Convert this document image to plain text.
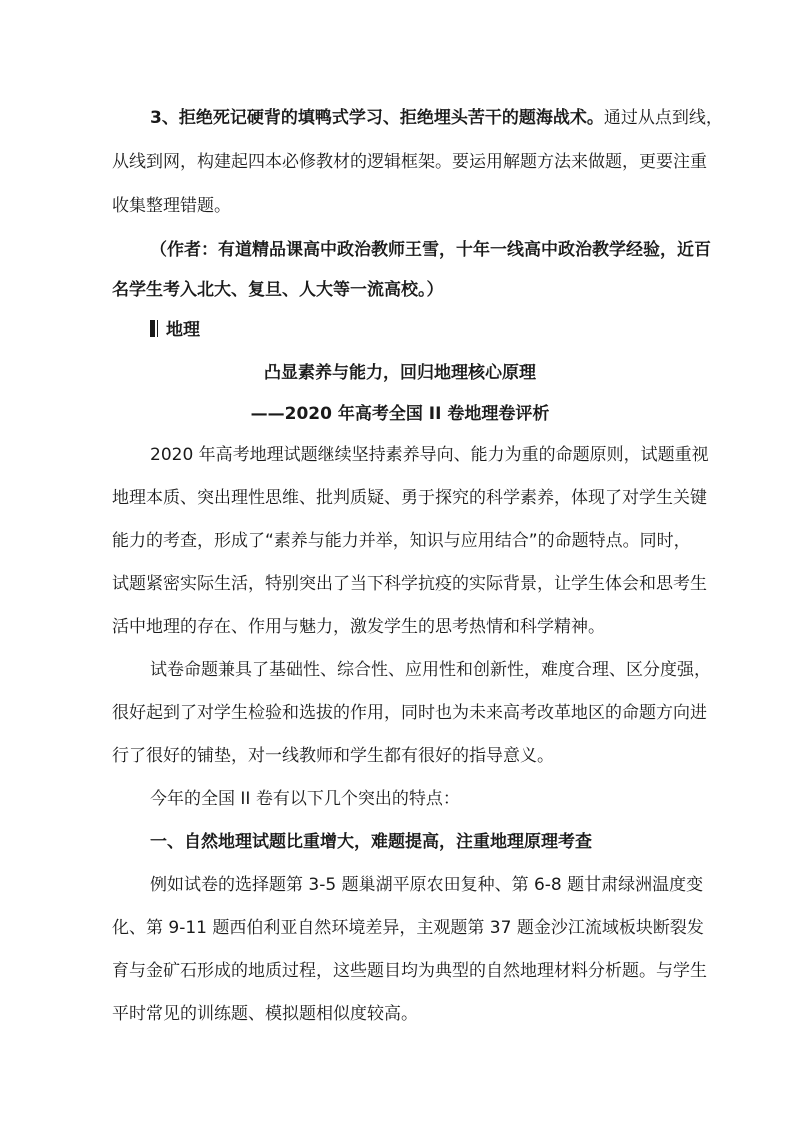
3、拒绝死记硬背的填鸭式学习、拒绝埋头苦干的题海战术。通过从点到线，
从线到网，构建起四本必修教材的逻辑框架。要运用解题方法来做题，更要注重
收集整理错题。
（作者：有道精品课高中政治教师王雪，十年一线高中政治教学经验，近百
名学生考入北大、复旦、人大等一流高校。）
地理
凸显素养与能力，回归地理核心原理
——2020 年高考全国 II 卷地理卷评析
2020 年高考地理试题继续坚持素养导向、能力为重的命题原则，试题重视
地理本质、突出理性思维、批判质疑、勇于探究的科学素养，体现了对学生关键
能力的考查，形成了“素养与能力并举，知识与应用结合”的命题特点。同时，
试题紧密实际生活，特别突出了当下科学抗疫的实际背景，让学生体会和思考生
活中地理的存在、作用与魅力，激发学生的思考热情和科学精神。
试卷命题兼具了基础性、综合性、应用性和创新性，难度合理、区分度强，
很好起到了对学生检验和选拔的作用，同时也为未来高考改革地区的命题方向进
行了很好的铺垫，对一线教师和学生都有很好的指导意义。
今年的全国 II 卷有以下几个突出的特点：
一、自然地理试题比重增大，难题提高，注重地理原理考查
例如试卷的选择题第 3-5 题巢湖平原农田复种、第 6-8 题甘肃绿洲温度变
化、第 9-11 题西伯利亚自然环境差异，主观题第 37 题金沙江流域板块断裂发
育与金矿石形成的地质过程，这些题目均为典型的自然地理材料分析题。与学生
平时常见的训练题、模拟题相似度较高。
